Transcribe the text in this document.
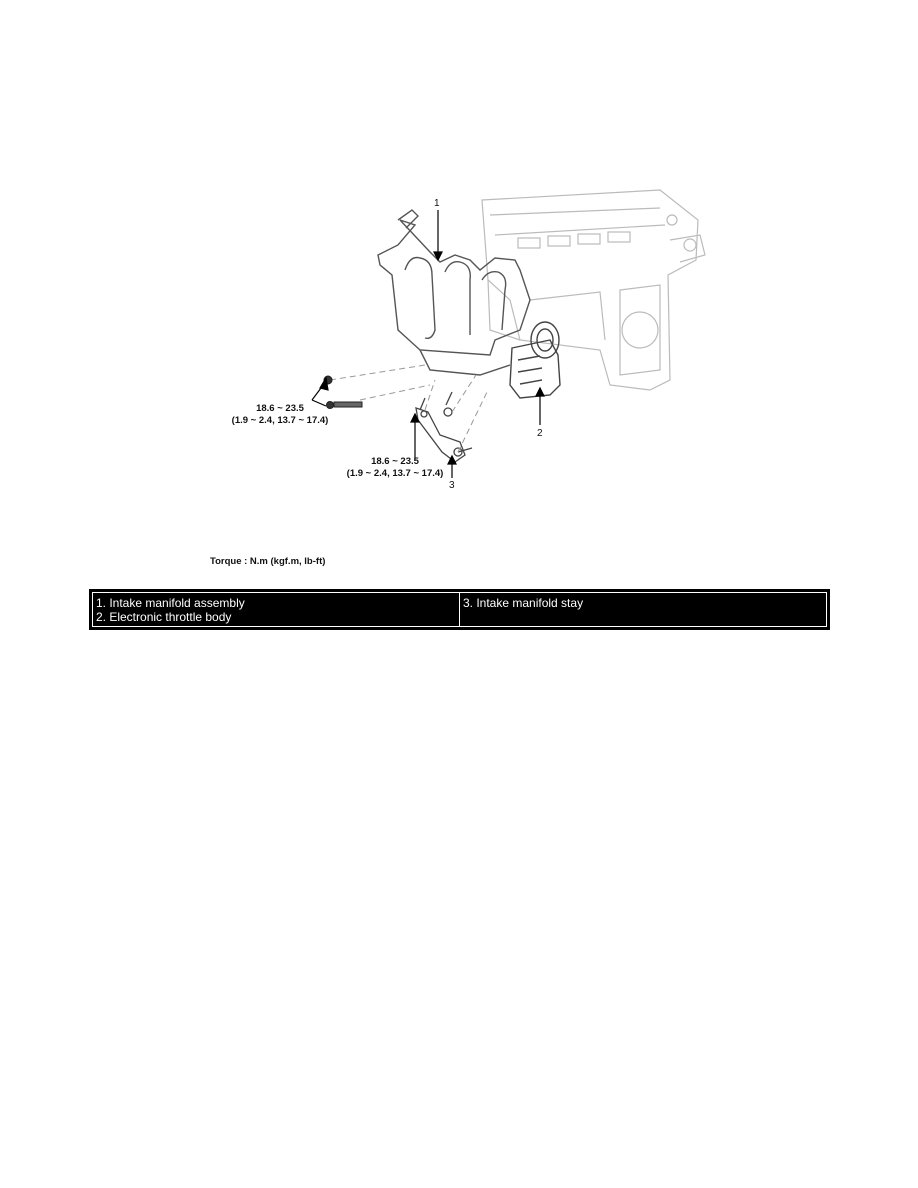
1
2
3
18.6 ~ 23.5
(1.9 ~ 2.4, 13.7 ~ 17.4)
18.6 ~ 23.5
(1.9 ~ 2.4, 13.7 ~ 17.4)
Torque : N.m (kgf.m, lb-ft)
1. Intake manifold assembly
2. Electronic throttle body
3. Intake manifold stay
